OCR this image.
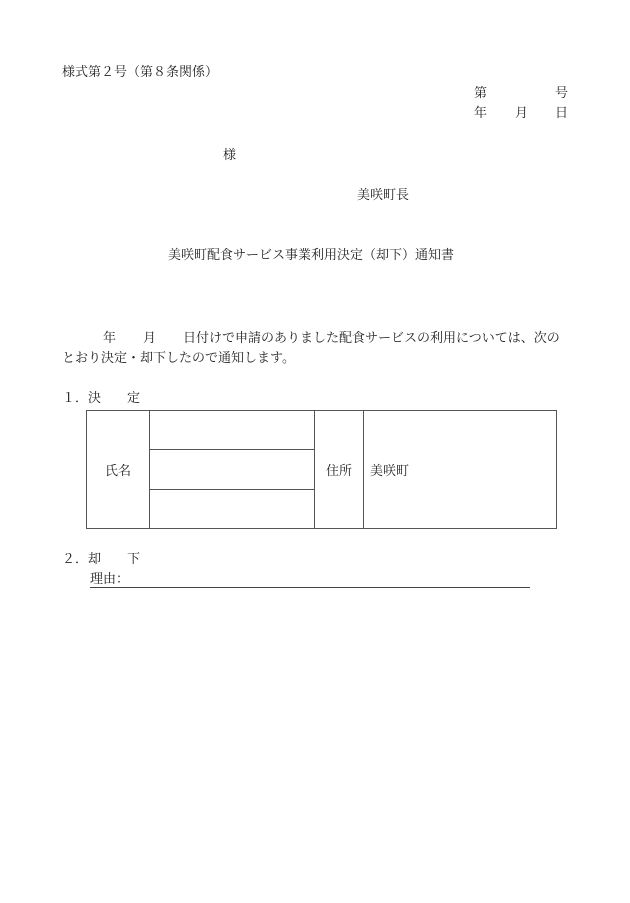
様式第２号（第８条関係）
第	号
年 月 日
様
美咲町長
美咲町配食サービス事業利用決定（却下）通知書
年 月 日付けで申請のありました配食サービスの利用については、次の
とおり決定・却下したので通知します。
１．決　　定
氏名		住所	美咲町

２．却　　下
理由：
